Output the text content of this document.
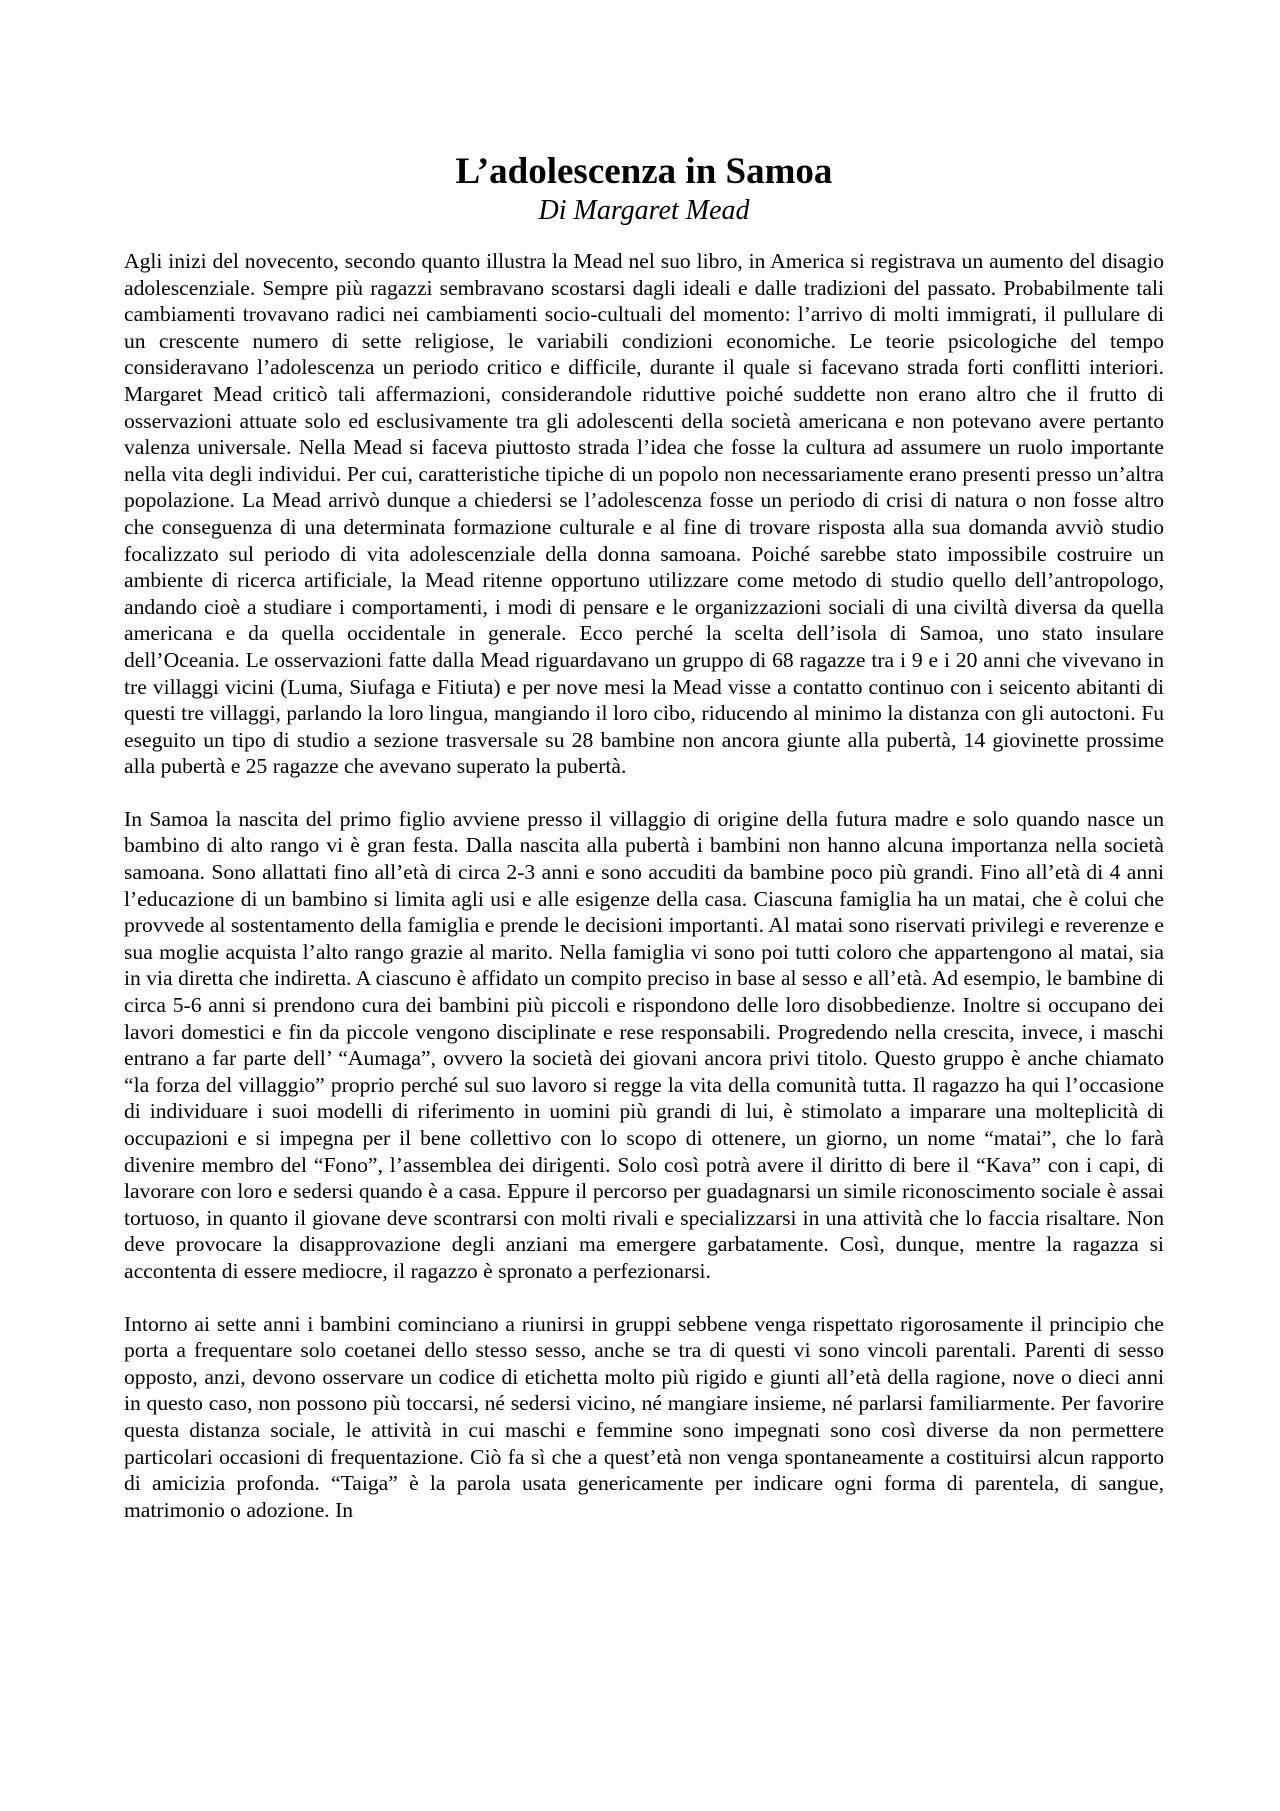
L’adolescenza in Samoa
Di Margaret Mead

Agli inizi del novecento, secondo quanto illustra la Mead nel suo libro, in America si registrava un aumento del disagio adolescenziale. Sempre più ragazzi sembravano scostarsi dagli ideali e dalle tradizioni del passato. Probabilmente tali cambiamenti trovavano radici nei cambiamenti socio-cultuali del momento: l’arrivo di molti immigrati, il pullulare di un crescente numero di sette religiose, le variabili condizioni economiche. Le teorie psicologiche del tempo consideravano l’adolescenza un periodo critico e difficile, durante il quale si facevano strada forti conflitti interiori. Margaret Mead criticò tali affermazioni, considerandole riduttive poiché suddette non erano altro che il frutto di osservazioni attuate solo ed esclusivamente tra gli adolescenti della società americana e non potevano avere pertanto valenza universale. Nella Mead si faceva piuttosto strada l’idea che fosse la cultura ad assumere un ruolo importante nella vita degli individui. Per cui, caratteristiche tipiche di un popolo non necessariamente erano presenti presso un’altra popolazione. La Mead arrivò dunque a chiedersi se l’adolescenza fosse un periodo di crisi di natura o non fosse altro che conseguenza di una determinata formazione culturale e al fine di trovare risposta alla sua domanda avviò studio focalizzato sul periodo di vita adolescenziale della donna samoana. Poiché sarebbe stato impossibile costruire un ambiente di ricerca artificiale, la Mead ritenne opportuno utilizzare come metodo di studio quello dell’antropologo, andando cioè a studiare i comportamenti, i modi di pensare e le organizzazioni sociali di una civiltà diversa da quella americana e da quella occidentale in generale. Ecco perché la scelta dell’isola di Samoa, uno stato insulare dell’Oceania. Le osservazioni fatte dalla Mead riguardavano un gruppo di 68 ragazze tra i 9 e i 20 anni che vivevano in tre villaggi vicini (Luma, Siufaga e Fitiuta) e per nove mesi la Mead visse a contatto continuo con i seicento abitanti di questi tre villaggi, parlando la loro lingua, mangiando il loro cibo, riducendo al minimo la distanza con gli autoctoni. Fu eseguito un tipo di studio a sezione trasversale su 28 bambine non ancora giunte alla pubertà, 14 giovinette prossime alla pubertà e 25 ragazze che avevano superato la pubertà.

In Samoa la nascita del primo figlio avviene presso il villaggio di origine della futura madre e solo quando nasce un bambino di alto rango vi è gran festa. Dalla nascita alla pubertà i bambini non hanno alcuna importanza nella società samoana. Sono allattati fino all’età di circa 2-3 anni e sono accuditi da bambine poco più grandi. Fino all’età di 4 anni l’educazione di un bambino si limita agli usi e alle esigenze della casa. Ciascuna famiglia ha un matai, che è colui che provvede al sostentamento della famiglia e prende le decisioni importanti. Al matai sono riservati privilegi e reverenze e sua moglie acquista l’alto rango grazie al marito. Nella famiglia vi sono poi tutti coloro che appartengono al matai, sia in via diretta che indiretta. A ciascuno è affidato un compito preciso in base al sesso e all’età. Ad esempio, le bambine di circa 5-6 anni si prendono cura dei bambini più piccoli e rispondono delle loro disobbedienze. Inoltre si occupano dei lavori domestici e fin da piccole vengono disciplinate e rese responsabili. Progredendo nella crescita, invece, i maschi entrano a far parte dell’ “Aumaga”, ovvero la società dei giovani ancora privi titolo. Questo gruppo è anche chiamato “la forza del villaggio” proprio perché sul suo lavoro si regge la vita della comunità tutta. Il ragazzo ha qui l’occasione di individuare i suoi modelli di riferimento in uomini più grandi di lui, è stimolato a imparare una molteplicità di occupazioni e si impegna per il bene collettivo con lo scopo di ottenere, un giorno, un nome “matai”, che lo farà divenire membro del “Fono”, l’assemblea dei dirigenti. Solo così potrà avere il diritto di bere il “Kava” con i capi, di lavorare con loro e sedersi quando è a casa. Eppure il percorso per guadagnarsi un simile riconoscimento sociale è assai tortuoso, in quanto il giovane deve scontrarsi con molti rivali e specializzarsi in una attività che lo faccia risaltare. Non deve provocare la disapprovazione degli anziani ma emergere garbatamente. Così, dunque, mentre la ragazza si accontenta di essere mediocre, il ragazzo è spronato a perfezionarsi.

Intorno ai sette anni i bambini cominciano a riunirsi in gruppi sebbene venga rispettato rigorosamente il principio che porta a frequentare solo coetanei dello stesso sesso, anche se tra di questi vi sono vincoli parentali. Parenti di sesso opposto, anzi, devono osservare un codice di etichetta molto più rigido e giunti all’età della ragione, nove o dieci anni in questo caso, non possono più toccarsi, né sedersi vicino, né mangiare insieme, né parlarsi familiarmente. Per favorire questa distanza sociale, le attività in cui maschi e femmine sono impegnati sono così diverse da non permettere particolari occasioni di frequentazione. Ciò fa sì che a quest’età non venga spontaneamente a costituirsi alcun rapporto di amicizia profonda. “Taiga” è la parola usata genericamente per indicare ogni forma di parentela, di sangue, matrimonio o adozione. In
